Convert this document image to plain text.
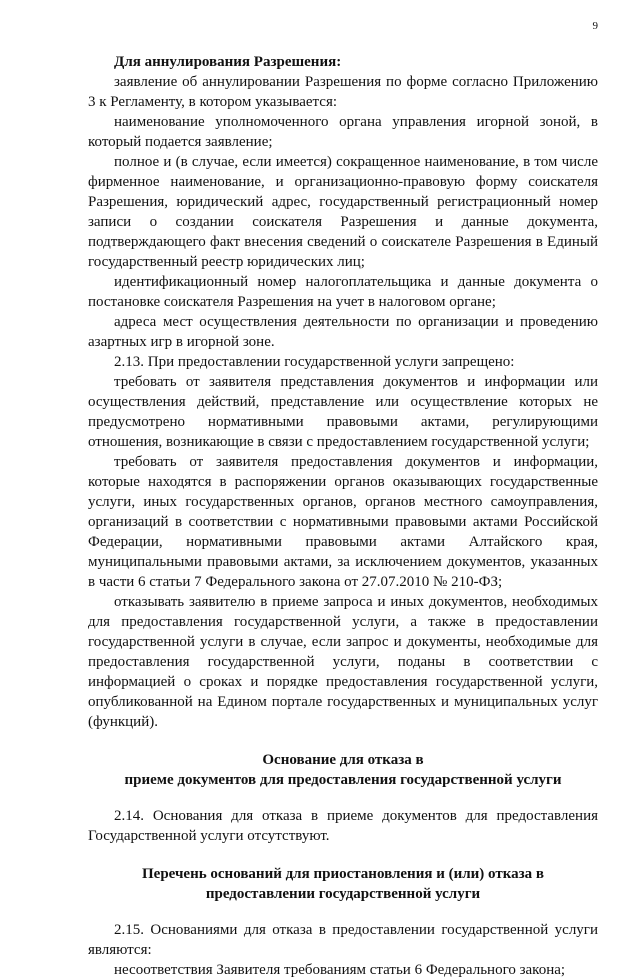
9

Для аннулирования Разрешения:

заявление об аннулировании Разрешения по форме согласно Приложению 3 к Регламенту, в котором указывается:

наименование уполномоченного органа управления игорной зоной, в который подается заявление;

полное и (в случае, если имеется) сокращенное наименование, в том числе фирменное наименование, и организационно-правовую форму соискателя Разрешения, юридический адрес, государственный регистрационный номер записи о создании соискателя Разрешения и данные документа, подтверждающего факт внесения сведений о соискателе Разрешения в Единый государственный реестр юридических лиц;

идентификационный номер налогоплательщика и данные документа о постановке соискателя Разрешения на учет в налоговом органе;

адреса мест осуществления деятельности по организации и проведению азартных игр в игорной зоне.

2.13. При предоставлении государственной услуги запрещено:

требовать от заявителя представления документов и информации или осуществления действий, представление или осуществление которых не предусмотрено нормативными правовыми актами, регулирующими отношения, возникающие в связи с предоставлением государственной услуги;

требовать от заявителя предоставления документов и информации, которые находятся в распоряжении органов оказывающих государственные услуги, иных государственных органов, органов местного самоуправления, организаций в соответствии с нормативными правовыми актами Российской Федерации, нормативными правовыми актами Алтайского края, муниципальными правовыми актами, за исключением документов, указанных в части 6 статьи 7 Федерального закона от 27.07.2010 № 210-ФЗ;

отказывать заявителю в приеме запроса и иных документов, необходимых для предоставления государственной услуги, а также в предоставлении государственной услуги в случае, если запрос и документы, необходимые для предоставления государственной услуги, поданы в соответствии с информацией о сроках и порядке предоставления государственной услуги, опубликованной на Едином портале государственных и муниципальных услуг (функций).

Основание для отказа в
приеме документов для предоставления государственной услуги

2.14. Основания для отказа в приеме документов для предоставления Государственной услуги отсутствуют.

Перечень оснований для приостановления и (или) отказа в
предоставлении государственной услуги

2.15. Основаниями для отказа в предоставлении государственной услуги являются:

несоответствия Заявителя требованиям статьи 6 Федерального закона;
